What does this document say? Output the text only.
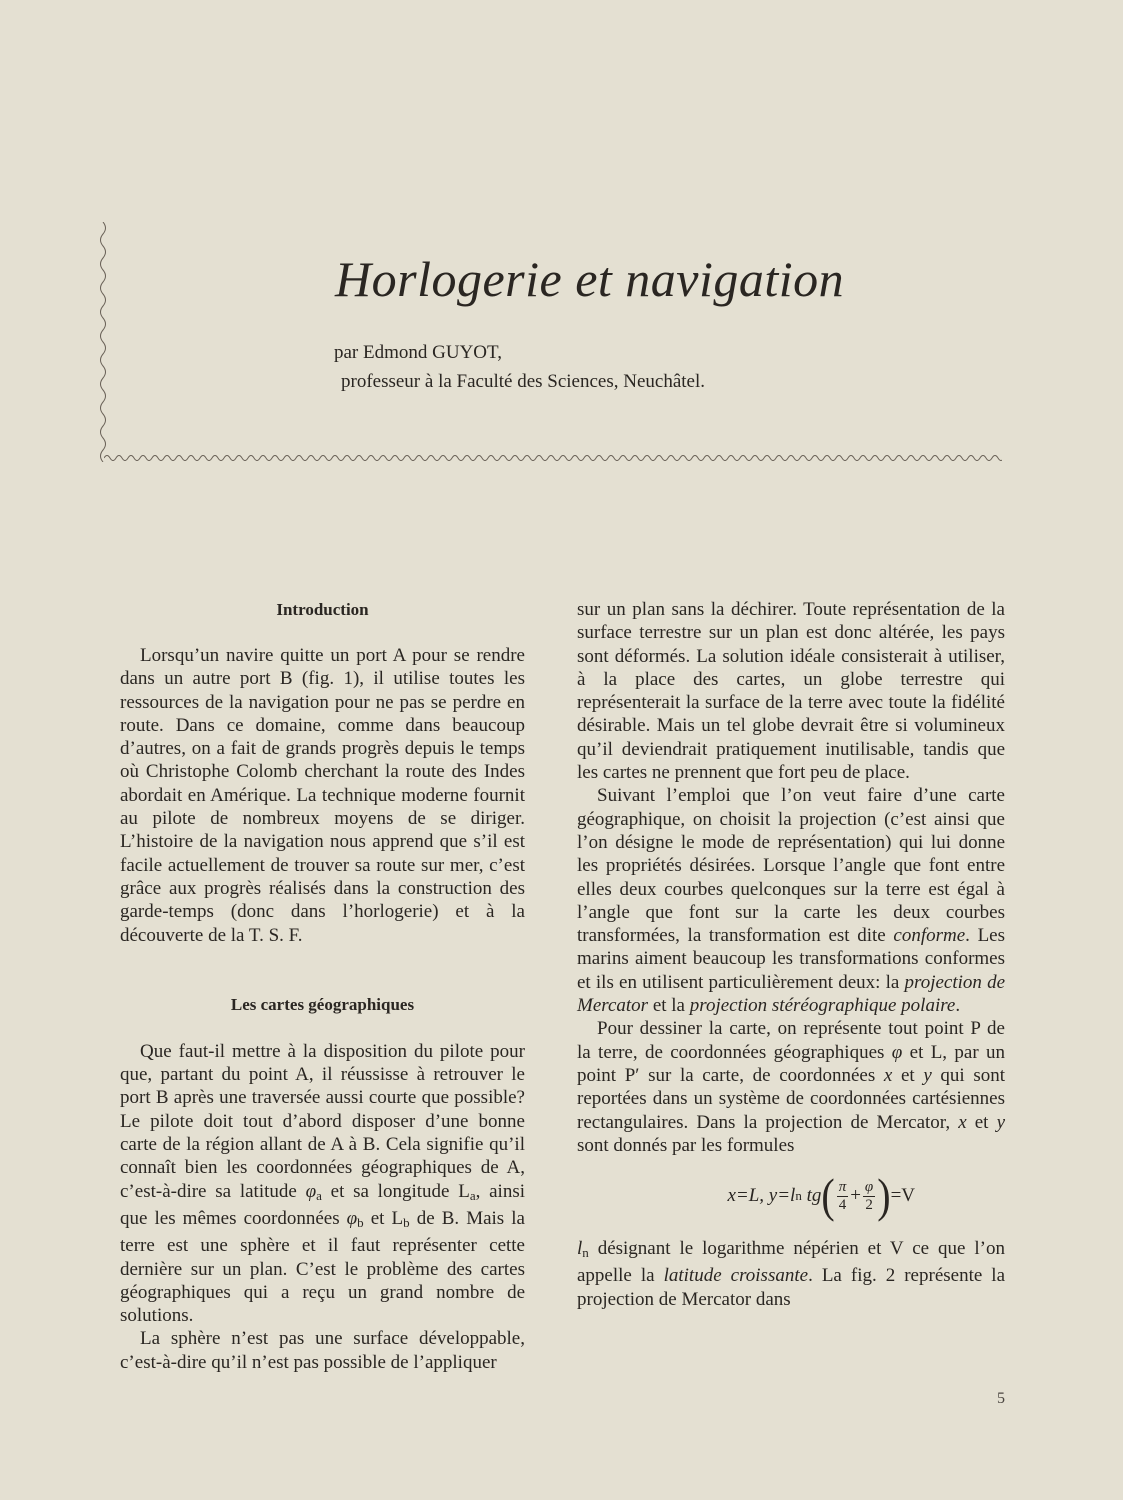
Horlogerie et navigation

par Edmond GUYOT,

professeur à la Faculté des Sciences, Neuchâtel.

Introduction

Lorsqu’un navire quitte un port A pour se rendre dans un autre port B (fig. 1), il utilise toutes les ressources de la navigation pour ne pas se perdre en route. Dans ce domaine, comme dans beaucoup d’autres, on a fait de grands progrès depuis le temps où Christophe Colomb cherchant la route des Indes abordait en Amérique. La technique moderne fournit au pilote de nombreux moyens de se diriger. L’histoire de la navigation nous apprend que s’il est facile actuellement de trouver sa route sur mer, c’est grâce aux progrès réalisés dans la construction des garde-temps (donc dans l’horlogerie) et à la découverte de la T. S. F.

Les cartes géographiques

Que faut-il mettre à la disposition du pilote pour que, partant du point A, il réussisse à retrouver le port B après une traversée aussi courte que possible? Le pilote doit tout d’abord disposer d’une bonne carte de la région allant de A à B. Cela signifie qu’il connaît bien les coordonnées géographiques de A, c’est-à-dire sa latitude $\varphi_a$ et sa longitude $L_a$, ainsi que les mêmes coordonnées $\varphi_b$ et $L_b$ de B. Mais la terre est une sphère et il faut représenter cette dernière sur un plan. C’est le problème des cartes géographiques qui a reçu un grand nombre de solutions.

La sphère n’est pas une surface développable, c’est-à-dire qu’il n’est pas possible de l’appliquer

sur un plan sans la déchirer. Toute représentation de la surface terrestre sur un plan est donc altérée, les pays sont déformés. La solution idéale consisterait à utiliser, à la place des cartes, un globe terrestre qui représenterait la surface de la terre avec toute la fidélité désirable. Mais un tel globe devrait être si volumineux qu’il deviendrait pratiquement inutilisable, tandis que les cartes ne prennent que fort peu de place.

Suivant l’emploi que l’on veut faire d’une carte géographique, on choisit la projection (c’est ainsi que l’on désigne le mode de représentation) qui lui donne les propriétés désirées. Lorsque l’angle que font entre elles deux courbes quelconques sur la terre est égal à l’angle que font sur la carte les deux courbes transformées, la transformation est dite conforme. Les marins aiment beaucoup les transformations conformes et ils en utilisent particulièrement deux: la projection de Mercator et la projection stéréographique polaire.

Pour dessiner la carte, on représente tout point P de la terre, de coordonnées géographiques φ et L, par un point P′ sur la carte, de coordonnées x et y qui sont reportées dans un système de coordonnées cartésiennes rectangulaires. Dans la projection de Mercator, x et y sont donnés par les formules

x=L, y= l n
tg ( $\frac{\pi}{4} + \frac{\varphi}{2}$ ) =V

$l_n$ désignant le logarithme népérien et V ce que l’on appelle la latitude croissante. La fig. 2 représente la projection de Mercator dans

5
